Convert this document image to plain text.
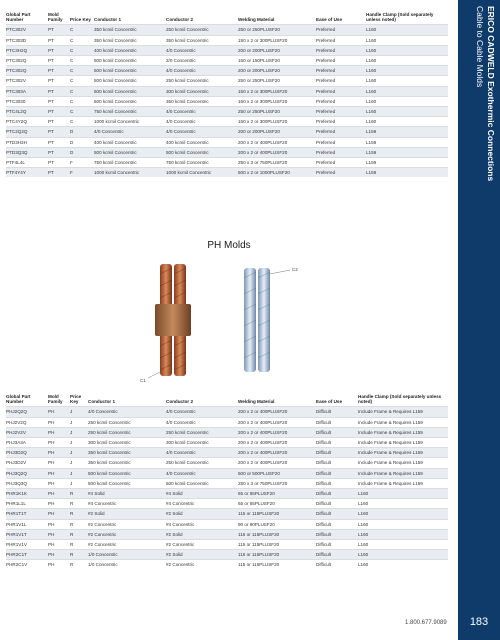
Global Part Number	Mold Family	Price Key	Conductor 1	Conductor 2	Welding Material	Ease of Use	Handle Clamp (Sold separately unless noted)
PTC302V	PT	C	350 kcmil Concentric	250 kcmil Concentric	250 or 250PLUSF20	Preferred	L160
PTC303D	PT	C	350 kcmil Concentric	350 kcmil Concentric	150 x 2 or 300PLUSF20	Preferred	L160
PTC3H2Q	PT	C	400 kcmil Concentric	4/0 Concentric	200 or 200PLUSF20	Preferred	L160
PTC302Q	PT	C	500 kcmil Concentric	2/0 Concentric	150 or 150PLUSF20	Preferred	L160
PTC302Q	PT	C	500 kcmil Concentric	4/0 Concentric	200 or 200PLUSF20	Preferred	L160
PTC302V	PT	C	500 kcmil Concentric	250 kcmil Concentric	250 or 250PLUSF20	Preferred	L160
PTC303A	PT	C	500 kcmil Concentric	300 kcmil Concentric	150 x 2 or 300PLUSF20	Preferred	L160
PTC3030	PT	C	500 kcmil Concentric	350 kcmil Concentric	150 x 2 or 300PLUSF20	Preferred	L160
PTC4L2Q	PT	C	750 kcmil Concentric	4/0 Concentric	250 or 250PLUSF20	Preferred	L160
PTC4Y2Q	PT	C	1000 kcmil Concentric	4/0 Concentric	150 x 2 or 300PLUSF20	Preferred	L160
PTC2Q2Q	PT	D	4/0 Concentric	4/0 Concentric	200 or 200PLUSF20	Preferred	L159
PTD3H3H	PT	D	400 kcmil Concentric	400 kcmil Concentric	200 x 2 or 400PLUSF20	Preferred	L159
PTD3Q3Q	PT	D	500 kcmil Concentric	500 kcmil Concentric	200 x 2 or 400PLUSF20	Preferred	L159
PTF4L4L	PT	F	750 kcmil Concentric	750 kcmil Concentric	250 x 3 or 750PLUSF20	Preferred	L159
PTF4Y4Y	PT	F	1000 kcmil Concentric	1000 kcmil Concentric	500 x 2 or 1000PLUSF20	Preferred	L159
PH Molds
C2
C1
Global Part Number	Mold Family	Price Key	Conductor 1	Conductor 2	Welding Material	Ease of Use	Handle Clamp (Sold separately unless noted)
PHJ2Q2Q	PH	J	4/0 Concentric	4/0 Concentric	200 x 2 or 400PLUSF20	Difficult	Include Frame & Requires L159
PHJ2V2Q	PH	J	250 kcmil Concentric	4/0 Concentric	200 x 2 or 400PLUSF20	Difficult	Include Frame & Requires L159
PHJ2V2V	PH	J	250 kcmil Concentric	250 kcmil Concentric	200 x 2 or 400PLUSF20	Difficult	Include Frame & Requires L159
PHJ3A3A	PH	J	300 kcmil Concentric	300 kcmil Concentric	200 x 2 or 400PLUSF20	Difficult	Include Frame & Requires L159
PHJ3D2Q	PH	J	350 kcmil Concentric	4/0 Concentric	200 x 2 or 400PLUSF20	Difficult	Include Frame & Requires L159
PHJ3D2V	PH	J	350 kcmil Concentric	250 kcmil Concentric	200 x 2 or 400PLUSF20	Difficult	Include Frame & Requires L159
PHJ3Q2Q	PH	J	500 kcmil Concentric	4/0 Concentric	500 or 500PLUSF20	Difficult	Include Frame & Requires L159
PHJ3Q3Q	PH	J	500 kcmil Concentric	500 kcmil Concentric	250 x 3 or 750PLUSF20	Difficult	Include Frame & Requires L159
PHR1K1K	PH	R	#4 Solid	#4 Solid	65 or 65PLUSF20	Difficult	L160
PHR1L1L	PH	R	#4 Concentric	#4 Concentric	65 or 65PLUSF20	Difficult	L160
PHR1T1T	PH	R	#2 Solid	#2 Solid	115 or 115PLUSF20	Difficult	L160
PHR1V1L	PH	R	#2 Concentric	#4 Concentric	90 or 90PLUSF20	Difficult	L160
PHR1V1T	PH	R	#2 Concentric	#2 Solid	115 or 115PLUSF20	Difficult	L160
PHR1V1V	PH	R	#2 Concentric	#2 Concentric	115 or 115PLUSF20	Difficult	L160
PHR2C1T	PH	R	1/0 Concentric	#2 Solid	115 or 115PLUSF20	Difficult	L160
PHR2C1V	PH	R	1/0 Concentric	#2 Concentric	115 or 115PLUSF20	Difficult	L160
1.800.677.9089
ERICO CADWELD Exothermic Connections
Cable to Cable Molds
183
